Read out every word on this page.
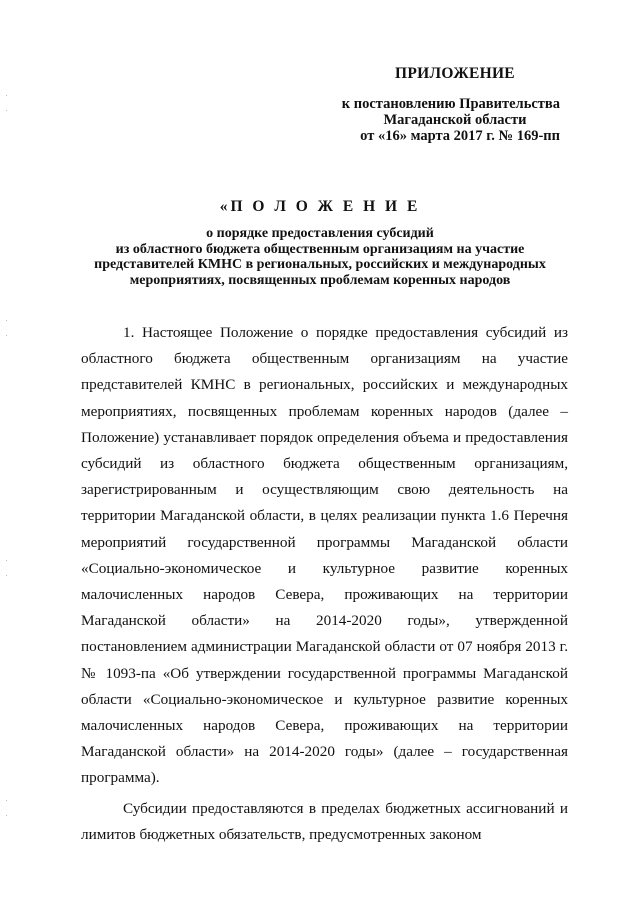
ПРИЛОЖЕНИЕ
к постановлению Правительства
Магаданской области
от «16» марта 2017 г. № 169-пп
«П О Л О Ж Е Н И Е
о порядке предоставления субсидий
из областного бюджета общественным организациям на участие
представителей КМНС в региональных, российских и международных
мероприятиях, посвященных проблемам коренных народов

1. Настоящее Положение о порядке предоставления субсидий из областного бюджета общественным организациям на участие представителей КМНС в региональных, российских и международных мероприятиях, посвященных проблемам коренных народов (далее – Положение) устанавливает порядок определения объема и предоставления субсидий из областного бюджета общественным организациям, зарегистрированным и осуществляющим свою деятельность на территории Магаданской области, в целях реализации пункта 1.6 Перечня мероприятий государственной программы Магаданской области «Социально-экономическое и культурное развитие коренных малочисленных народов Севера, проживающих на территории Магаданской области» на 2014-2020 годы», утвержденной постановлением администрации Магаданской области от 07 ноября 2013 г. № 1093-па «Об утверждении государственной программы Магаданской области «Социально-экономическое и культурное развитие коренных малочисленных народов Севера, проживающих на территории Магаданской области» на 2014-2020 годы» (далее – государственная программа).

Субсидии предоставляются в пределах бюджетных ассигнований и лимитов бюджетных обязательств, предусмотренных законом
